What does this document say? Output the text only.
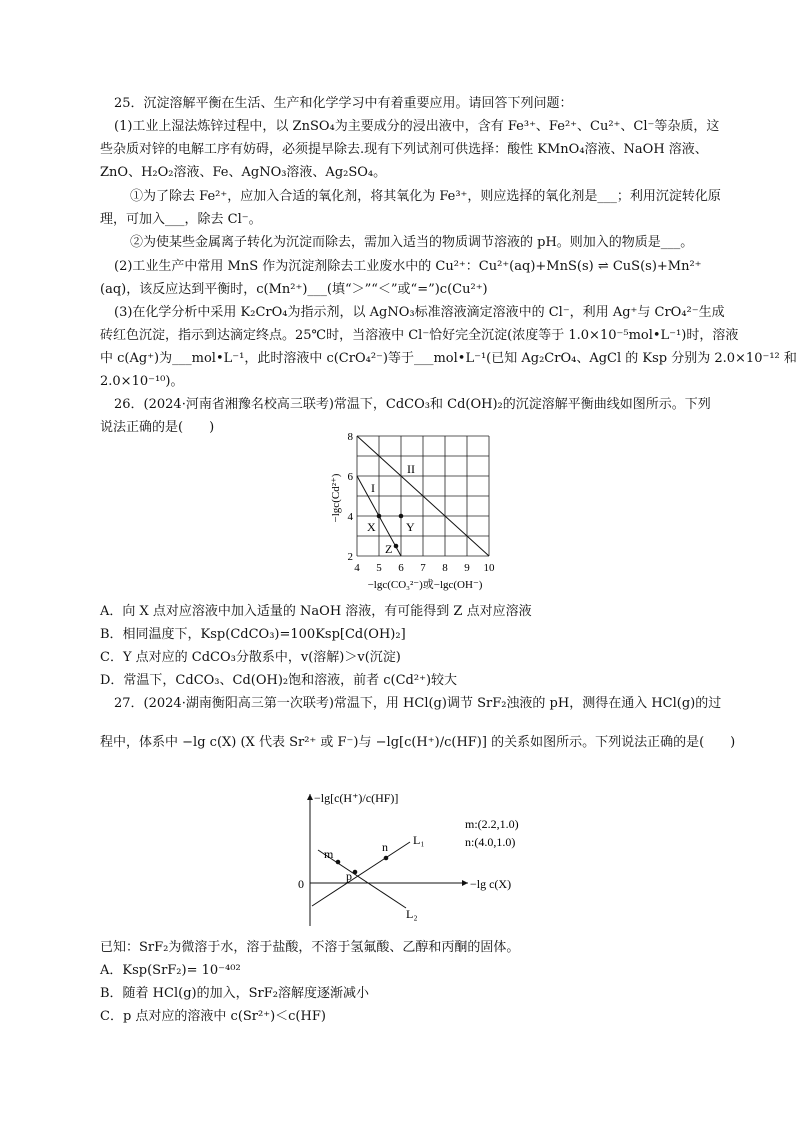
25．沉淀溶解平衡在生活、生产和化学学习中有着重要应用。请回答下列问题：
(1)工业上湿法炼锌过程中，以 ZnSO₄为主要成分的浸出液中，含有 Fe³⁺、Fe²⁺、Cu²⁺、Cl⁻等杂质，这
些杂质对锌的电解工序有妨碍，必须提早除去.现有下列试剂可供选择：酸性 KMnO₄溶液、NaOH 溶液、
ZnO、H₂O₂溶液、Fe、AgNO₃溶液、Ag₂SO₄。
①为了除去 Fe²⁺，应加入合适的氧化剂，将其氧化为 Fe³⁺，则应选择的氧化剂是___；利用沉淀转化原
理，可加入___，除去 Cl⁻。
②为使某些金属离子转化为沉淀而除去，需加入适当的物质调节溶液的 pH。则加入的物质是___。
(2)工业生产中常用 MnS 作为沉淀剂除去工业废水中的 Cu²⁺：Cu²⁺(aq)+MnS(s) ⇌ CuS(s)+Mn²⁺
(aq)，该反应达到平衡时，c(Mn²⁺)___(填“＞”“＜”或“=”)c(Cu²⁺)
(3)在化学分析中采用 K₂CrO₄为指示剂，以 AgNO₃标准溶液滴定溶液中的 Cl⁻，利用 Ag⁺与 CrO₄²⁻生成
砖红色沉淀，指示到达滴定终点。25℃时，当溶液中 Cl⁻恰好完全沉淀(浓度等于 1.0×10⁻⁵mol•L⁻¹)时，溶液
中 c(Ag⁺)为___mol•L⁻¹，此时溶液中 c(CrO₄²⁻)等于___mol•L⁻¹(已知 Ag₂CrO₄、AgCl 的 Ksp 分别为 2.0×10⁻¹² 和
2.0×10⁻¹⁰)。
26．(2024·河南省湘豫名校高三联考)常温下，CdCO₃和 Cd(OH)₂的沉淀溶解平衡曲线如图所示。下列
说法正确的是(　　)
I
II
X	Y
Z
2
4
6
8
4 5 6 7 8 9 10
−lgc(CO₃²⁻)或−lgc(OH⁻)
−lgc(Cd²⁺)
A．向 X 点对应溶液中加入适量的 NaOH 溶液，有可能得到 Z 点对应溶液
B．相同温度下，Ksp(CdCO₃)=100Ksp[Cd(OH)₂]
C．Y 点对应的 CdCO₃分散系中，v(溶解)＞v(沉淀)
D．常温下，CdCO₃、Cd(OH)₂饱和溶液，前者 c(Cd²⁺)较大
27．(2024·湖南衡阳高三第一次联考)常温下，用 HCl(g)调节 SrF₂浊液的 pH，测得在通入 HCl(g)的过
程中，体系中 −lg c(X) (X 代表 Sr²⁺ 或 F⁻)与 −lg[c(H⁺)/c(HF)] 的关系如图所示。下列说法正确的是(　　)
m	n
p
L₁
L₂
0	−lg c(X)
−lg[c(H⁺)/c(HF)]
m:(2.2,1.0)
n:(4.0,1.0)
已知：SrF₂为微溶于水，溶于盐酸，不溶于氢氟酸、乙醇和丙酮的固体。
A．Ksp(SrF₂)= 10⁻⁴⁰²
B．随着 HCl(g)的加入，SrF₂溶解度逐渐减小
C．p 点对应的溶液中 c(Sr²⁺)＜c(HF)
